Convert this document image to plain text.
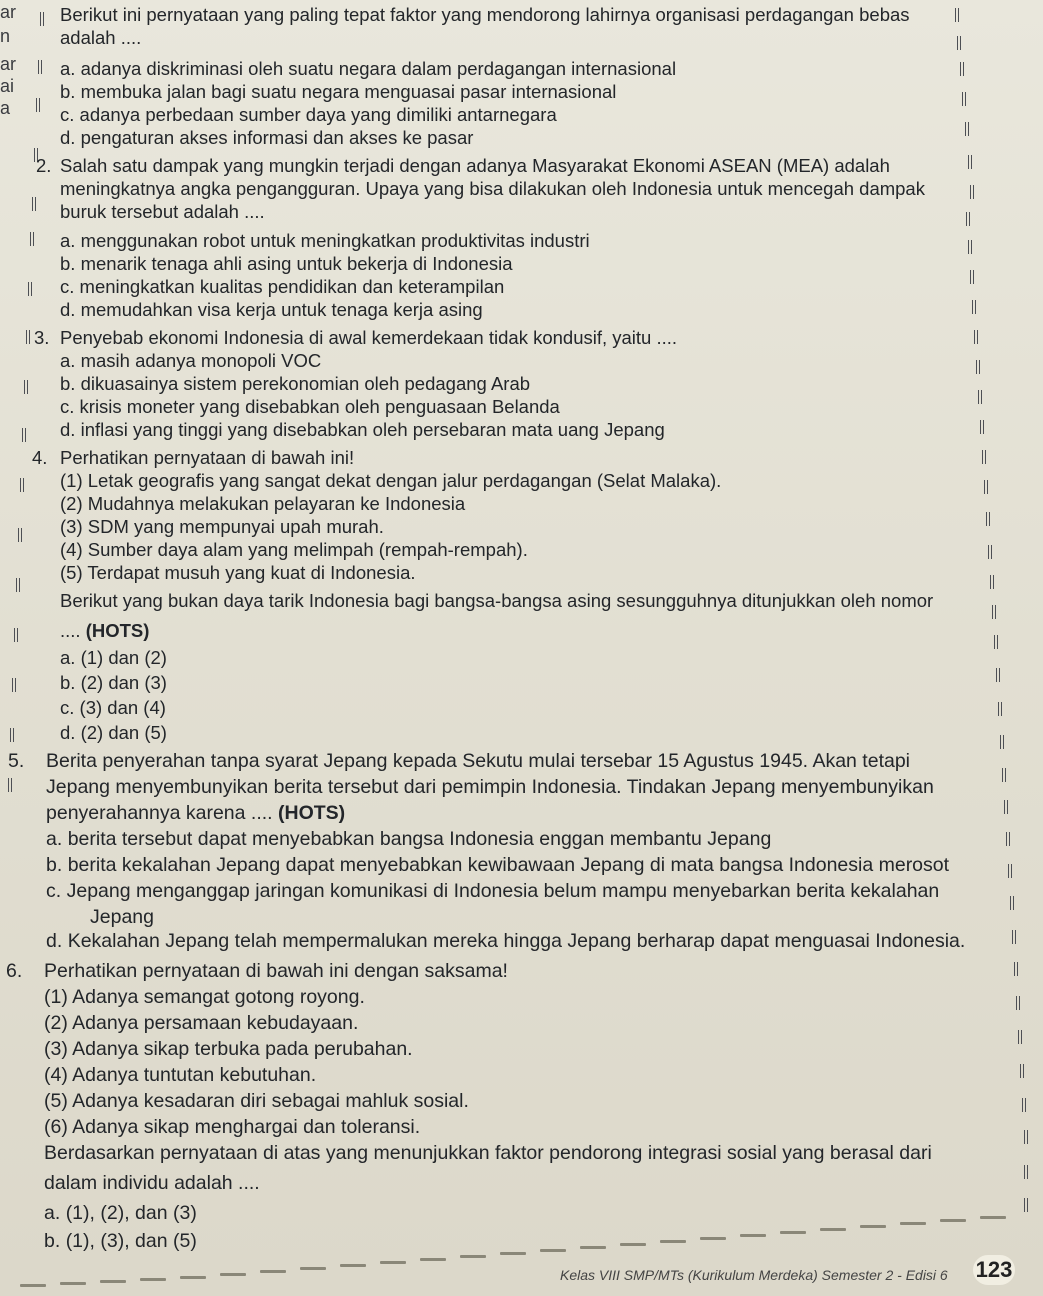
ar
n
ar
ai
a
Berikut ini pernyataan yang paling tepat faktor yang mendorong lahirnya organisasi perdagangan bebas
adalah ....
a. adanya diskriminasi oleh suatu negara dalam perdagangan internasional
b. membuka jalan bagi suatu negara menguasai pasar internasional
c. adanya perbedaan sumber daya yang dimiliki antarnegara
d. pengaturan akses informasi dan akses ke pasar
2. Salah satu dampak yang mungkin terjadi dengan adanya Masyarakat Ekonomi ASEAN (MEA) adalah
meningkatnya angka pengangguran. Upaya yang bisa dilakukan oleh Indonesia untuk mencegah dampak
buruk tersebut adalah ....
a. menggunakan robot untuk meningkatkan produktivitas industri
b. menarik tenaga ahli asing untuk bekerja di Indonesia
c. meningkatkan kualitas pendidikan dan keterampilan
d. memudahkan visa kerja untuk tenaga kerja asing
3. Penyebab ekonomi Indonesia di awal kemerdekaan tidak kondusif, yaitu ....
a. masih adanya monopoli VOC
b. dikuasainya sistem perekonomian oleh pedagang Arab
c. krisis moneter yang disebabkan oleh penguasaan Belanda
d. inflasi yang tinggi yang disebabkan oleh persebaran mata uang Jepang
4. Perhatikan pernyataan di bawah ini!
(1) Letak geografis yang sangat dekat dengan jalur perdagangan (Selat Malaka).
(2) Mudahnya melakukan pelayaran ke Indonesia
(3) SDM yang mempunyai upah murah.
(4) Sumber daya alam yang melimpah (rempah-rempah).
(5) Terdapat musuh yang kuat di Indonesia.
Berikut yang bukan daya tarik Indonesia bagi bangsa-bangsa asing sesungguhnya ditunjukkan oleh nomor
.... (HOTS)
a. (1) dan (2)
b. (2) dan (3)
c. (3) dan (4)
d. (2) dan (5)
5. Berita penyerahan tanpa syarat Jepang kepada Sekutu mulai tersebar 15 Agustus 1945. Akan tetapi
Jepang menyembunyikan berita tersebut dari pemimpin Indonesia. Tindakan Jepang menyembunyikan
penyerahannya karena .... (HOTS)
a. berita tersebut dapat menyebabkan bangsa Indonesia enggan membantu Jepang
b. berita kekalahan Jepang dapat menyebabkan kewibawaan Jepang di mata bangsa Indonesia merosot
c. Jepang menganggap jaringan komunikasi di Indonesia belum mampu menyebarkan berita kekalahan
Jepang
d. Kekalahan Jepang telah mempermalukan mereka hingga Jepang berharap dapat menguasai Indonesia.
6. Perhatikan pernyataan di bawah ini dengan saksama!
(1) Adanya semangat gotong royong.
(2) Adanya persamaan kebudayaan.
(3) Adanya sikap terbuka pada perubahan.
(4) Adanya tuntutan kebutuhan.
(5) Adanya kesadaran diri sebagai mahluk sosial.
(6) Adanya sikap menghargai dan toleransi.
Berdasarkan pernyataan di atas yang menunjukkan faktor pendorong integrasi sosial yang berasal dari
dalam individu adalah ....
a. (1), (2), dan (3)
b. (1), (3), dan (5)
Kelas VIII SMP/MTs (Kurikulum Merdeka) Semester 2 - Edisi 6 123
